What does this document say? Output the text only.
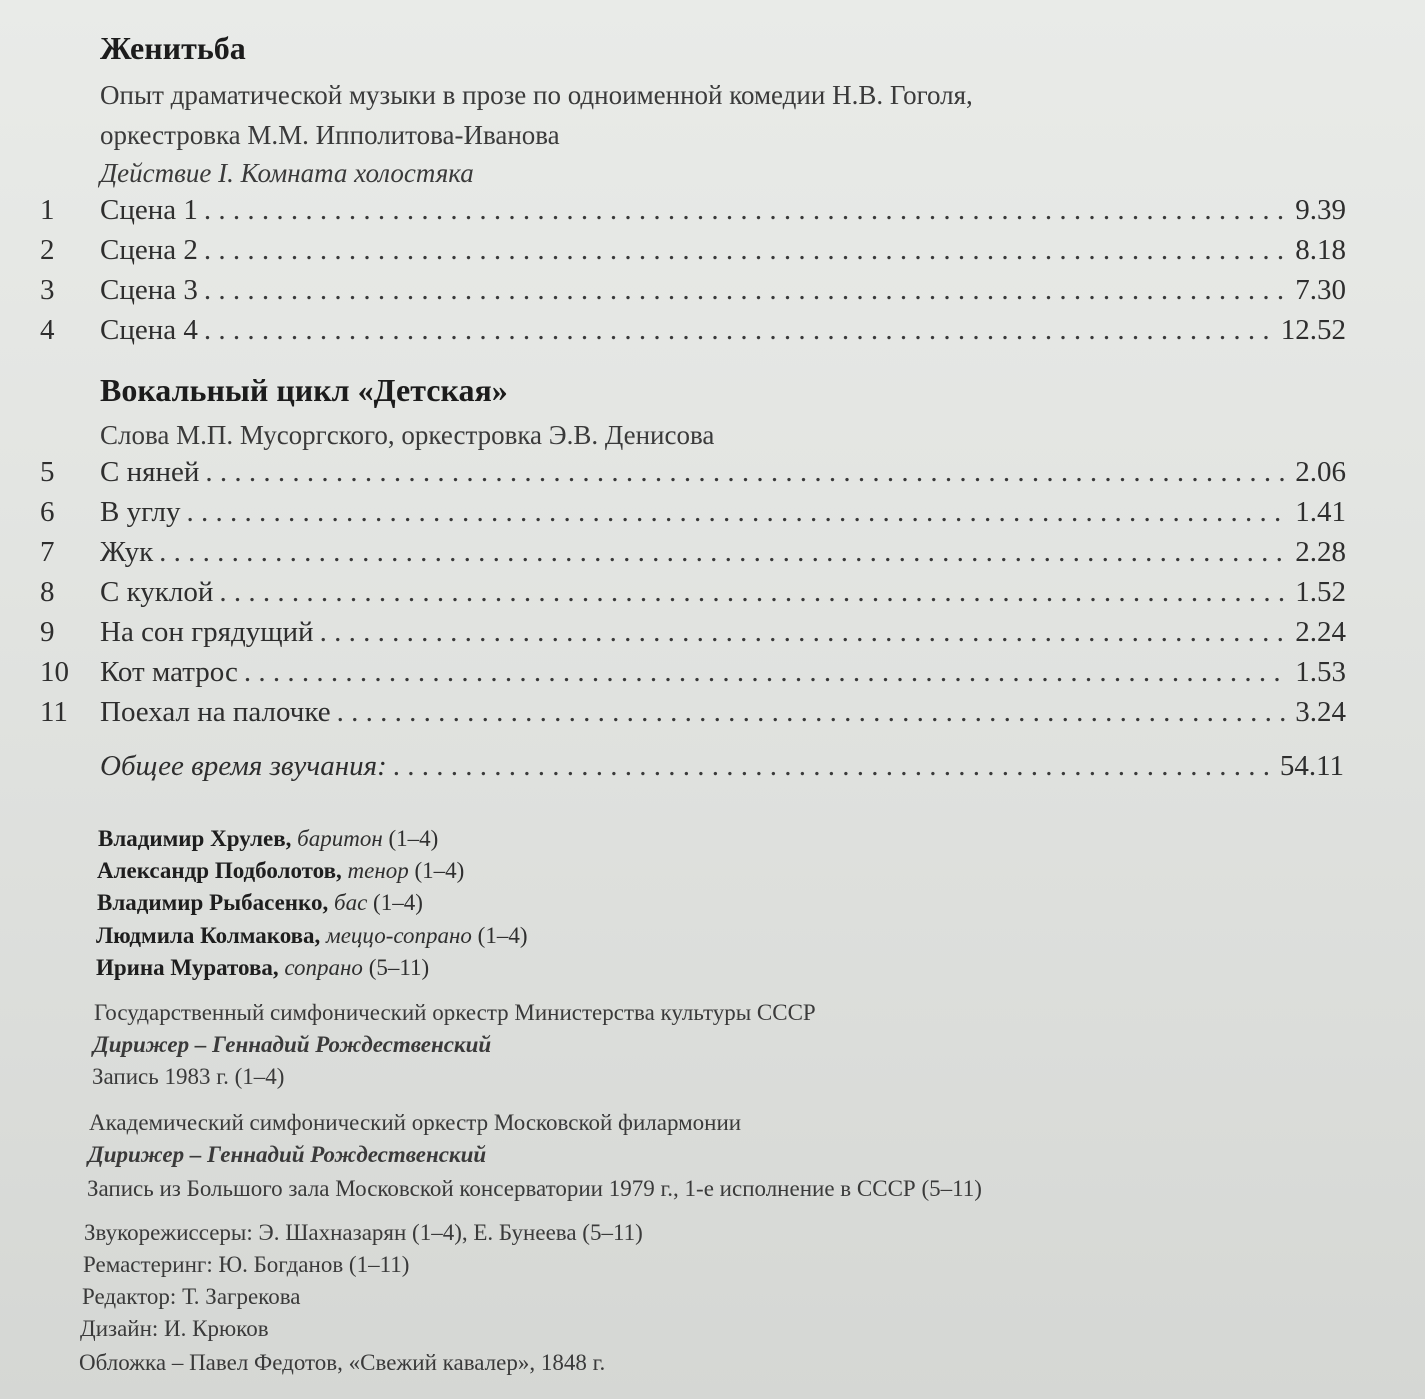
Женитьба
Опыт драматической музыки в прозе по одноименной комедии Н.В. Гоголя,
оркестровка М.М. Ипполитова-Иванова
Действие I. Комната холостяка
1	Сцена 1 . . .	9.39
2	Сцена 2 . . .	8.18
3	Сцена 3 . . .	7.30
4	Сцена 4 . . .	12.52
Вокальный цикл «Детская»
Слова М.П. Мусоргского, оркестровка Э.В. Денисова
5	С няней . . .	2.06
6	В углу . . .	1.41
7	Жук . . .	2.28
8	С куклой . . .	1.52
9	На сон грядущий . . .	2.24
10	Кот матрос . . .	1.53
11	Поехал на палочке . . .	3.24
Общее время звучания: . . .	54.11
Владимир Хрулев, баритон (1–4)
Александр Подболотов, тенор (1–4)
Владимир Рыбасенко, бас (1–4)
Людмила Колмакова, меццо-сопрано (1–4)
Ирина Муратова, сопрано (5–11)
Государственный симфонический оркестр Министерства культуры СССР
Дирижер – Геннадий Рождественский
Запись 1983 г. (1–4)
Академический симфонический оркестр Московской филармонии
Дирижер – Геннадий Рождественский
Запись из Большого зала Московской консерватории 1979 г., 1-е исполнение в СССР (5–11)
Звукорежиссеры: Э. Шахназарян (1–4), Е. Бунеева (5–11)
Ремастеринг: Ю. Богданов (1–11)
Редактор: Т. Загрекова
Дизайн: И. Крюков
Обложка – Павел Федотов, «Свежий кавалер», 1848 г.
